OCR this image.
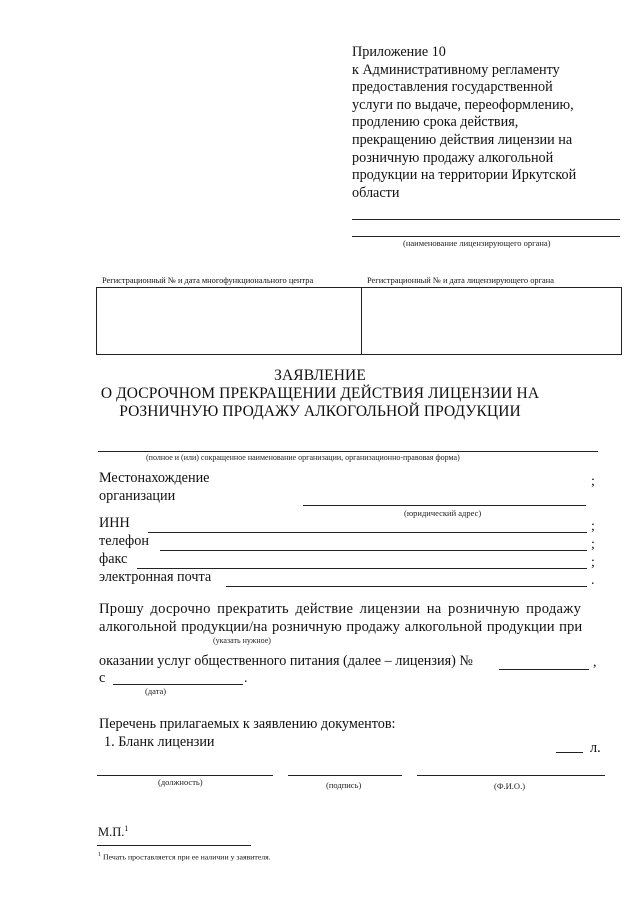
Приложение 10
к Административному регламенту
предоставления государственной
услуги по выдаче, переоформлению,
продлению срока действия,
прекращению действия лицензии на
розничную продажу алкогольной
продукции на территории Иркутской
области
(наименование лицензирующего органа)
Регистрационный № и дата многофункционального центра	Регистрационный № и дата лицензирующего органа
ЗАЯВЛЕНИЕ
О ДОСРОЧНОМ ПРЕКРАЩЕНИИ ДЕЙСТВИЯ ЛИЦЕНЗИИ НА
РОЗНИЧНУЮ ПРОДАЖУ АЛКОГОЛЬНОЙ ПРОДУКЦИИ
(полное и (или) сокращенное наименование организации, организационно-правовая форма)
Местонахождение
организации
;
(юридический адрес)
ИНН	;
телефон	;
факс	;
электронная почта	.
Прошу досрочно прекратить действие лицензии на розничную продажу
алкогольной продукции/на розничную продажу алкогольной продукции при
(указать нужное)
оказании услуг общественного питания (далее – лицензия) №	,
с	.
(дата)
Перечень прилагаемых к заявлению документов:
1. Бланк лицензии	л.
(должность)	(подпись)	(Ф.И.О.)
М.П.$^1$
$^1$ Печать проставляется при ее наличии у заявителя.
